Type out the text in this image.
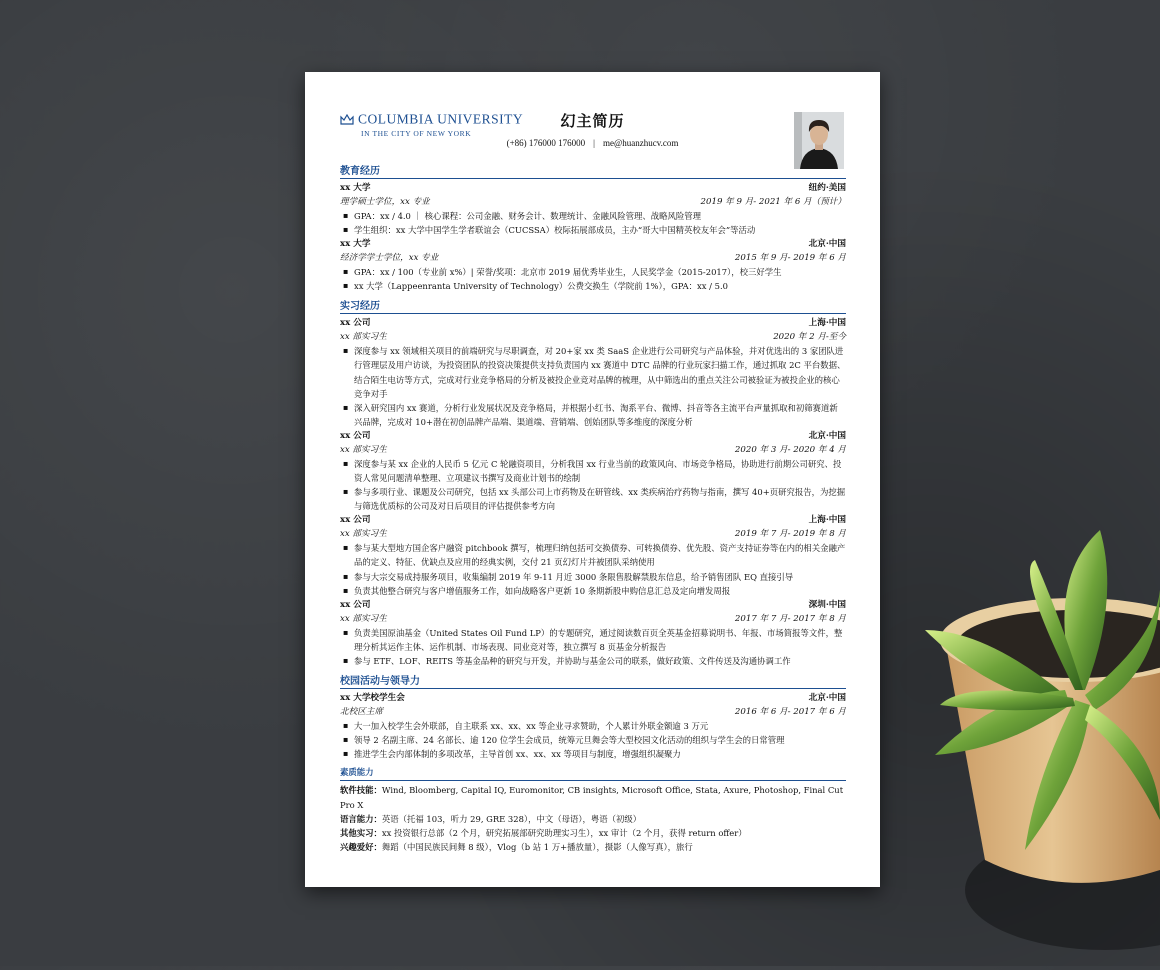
COLUMBIA UNIVERSITY
IN THE CITY OF NEW YORK
幻主简历
(+86) 176000 176000 | me@huanzhucv.com
教育经历
xx 大学	纽约·美国
理学硕士学位，xx 专业	2019 年 9 月- 2021 年 6 月（预计）
▪ GPA：xx / 4.0 ｜ 核心课程：公司金融、财务会计、数理统计、金融风险管理、战略风险管理
▪ 学生组织：xx 大学中国学生学者联谊会（CUCSSA）校际拓展部成员，主办“哥大中国精英校友年会”等活动
xx 大学	北京·中国
经济学学士学位，xx 专业	2015 年 9 月- 2019 年 6 月
▪ GPA：xx / 100（专业前 x%）| 荣誉/奖项：北京市 2019 届优秀毕业生，人民奖学金（2015-2017），校三好学生
▪ xx 大学（Lappeenranta University of Technology）公费交换生（学院前 1%），GPA：xx / 5.0
实习经历
xx 公司	上海·中国
xx 部实习生	2020 年 2 月-至今
▪ 深度参与 xx 领域相关项目的前端研究与尽职调查，对 20+家 xx 类 SaaS 企业进行公司研究与产品体验，并对优选出的 3 家团队进行管理层及用户访谈，为投资团队的投资决策提供支持负责国内 xx 赛道中 DTC 品牌的行业玩家扫描工作，通过抓取 2C 平台数据、结合陌生电访等方式，完成对行业竞争格局的分析及被投企业竞对品牌的梳理，从中筛选出的重点关注公司被验证为被投企业的核心竞争对手
▪ 深入研究国内 xx 赛道，分析行业发展状况及竞争格局，并根据小红书、淘系平台、微博、抖音等各主流平台声量抓取和初筛赛道新兴品牌，完成对 10+潜在初创品牌产品端、渠道端、营销端、创始团队等多维度的深度分析
xx 公司	北京·中国
xx 部实习生	2020 年 3 月- 2020 年 4 月
▪ 深度参与某 xx 企业的人民币 5 亿元 C 轮融资项目，分析我国 xx 行业当前的政策风向、市场竞争格局，协助进行前期公司研究、投资人常见问题清单整理、立项建议书撰写及商业计划书的绘制
▪ 参与多项行业、课题及公司研究，包括 xx 头部公司上市药物及在研管线、xx 类疾病治疗药物与指南，撰写 40+页研究报告，为挖掘与筛选优质标的公司及对日后项目的评估提供参考方向
xx 公司	上海·中国
xx 部实习生	2019 年 7 月- 2019 年 8 月
▪ 参与某大型地方国企客户融资 pitchbook 撰写，梳理归纳包括可交换债券、可转换债券、优先股、资产支持证券等在内的相关金融产品的定义、特征、优缺点及应用的经典实例，交付 21 页幻灯片并被团队采纳使用
▪ 参与大宗交易成持服务项目，收集编制 2019 年 9-11 月近 3000 条限售股解禁股东信息，给予销售团队 EQ 直接引导
▪ 负责其他整合研究与客户增值服务工作，如向战略客户更新 10 条期新股申购信息汇总及定向增发周报
xx 公司	深圳·中国
xx 部实习生	2017 年 7 月- 2017 年 8 月
▪ 负责美国原油基金（United States Oil Fund LP）的专题研究，通过阅读数百页全英基金招募说明书、年报、市场简报等文件，整理分析其运作主体、运作机制、市场表现、同业竞对等，独立撰写 8 页基金分析报告
▪ 参与 ETF、LOF、REITS 等基金品种的研究与开发，并协助与基金公司的联系，做好政策、文件传送及沟通协调工作
校园活动与领导力
xx 大学校学生会	北京·中国
北校区主席	2016 年 6 月- 2017 年 6 月
▪ 大一加入校学生会外联部，自主联系 xx、xx、xx 等企业寻求赞助，个人累计外联金额逾 3 万元
▪ 领导 2 名副主席、24 名部长、逾 120 位学生会成员，统筹元旦舞会等大型校园文化活动的组织与学生会的日常管理
▪ 推进学生会内部体制的多项改革，主导首创 xx、xx、xx 等项目与制度，增强组织凝聚力
素质能力
软件技能：Wind, Bloomberg, Capital IQ, Euromonitor, CB insights, Microsoft Office, Stata, Axure, Photoshop, Final Cut Pro X
语言能力：英语（托福 103，听力 29, GRE 328），中文（母语），粤语（初级）
其他实习：xx 投资银行总部（2 个月，研究拓展部研究助理实习生），xx 审计（2 个月，获得 return offer）
兴趣爱好：舞蹈（中国民族民间舞 8 级），Vlog（b 站 1 万+播放量），摄影（人像写真），旅行
